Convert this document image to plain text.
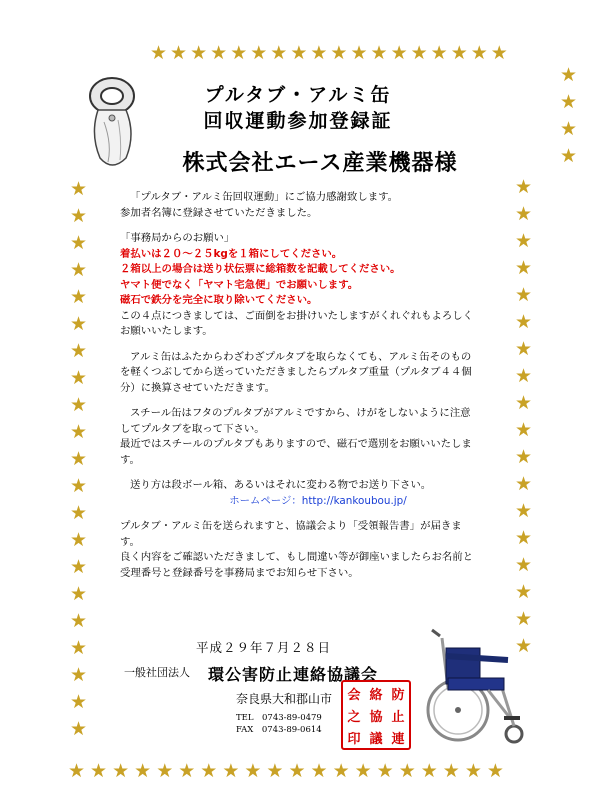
★ ★ ★ ★ ★ ★ ★ ★ ★ ★ ★ ★ ★ ★ ★ ★ ★ ★
★
★
★
★
★
★
★
★
★
★
★
★
★
★
★
★
★
★
★
★
★
★
★
★
★
★
★
★
★
★
★
★
★
★
★
★
★
★
★
★
★
★
★
★ ★ ★ ★ ★ ★ ★ ★ ★ ★ ★ ★ ★ ★ ★ ★ ★ ★ ★ ★
プルタブ・アルミ缶
回収運動参加登録証
株式会社エース産業機器様

「プルタブ・アルミ缶回収運動」にご協力感謝致します。

参加者名簿に登録させていただきました。

「事務局からのお願い」

着払いは２０～２５kgを１箱にしてください。

２箱以上の場合は送り状伝票に総箱数を記載してください。

ヤマト便でなく「ヤマト宅急便」でお願いします。

磁石で鉄分を完全に取り除いてください。

この４点につきましては、ご面倒をお掛けいたしますがくれぐれもよろしく

お願いいたします。

アルミ缶はふたからわざわざプルタブを取らなくても、アルミ缶そのもの

を軽くつぶしてから送っていただきましたらプルタブ重量（プルタブ４４個

分）に換算させていただきます。

スチール缶はフタのプルタブがアルミですから、けがをしないように注意

してプルタブを取って下さい。

最近ではスチールのプルタブもありますので、磁石で選別をお願いいたしま

す。

送り方は段ボール箱、あるいはそれに変わる物でお送り下さい。

ホームページ：http://kankoubou.jp/

プルタブ・アルミ缶を送られますと、協議会より「受領報告書」が届きま

す。

良く内容をご確認いただきまして、もし間違い等が御座いましたらお名前と

受理番号と登録番号を事務局までお知らせ下さい。

平成２９年７月２８日
一般社団法人 環公害防止連絡協議会
奈良県大和郡山市
TEL　0743-89-0479
FAX　0743-89-0614
会 絡 防
之 協 止
印 議 連
